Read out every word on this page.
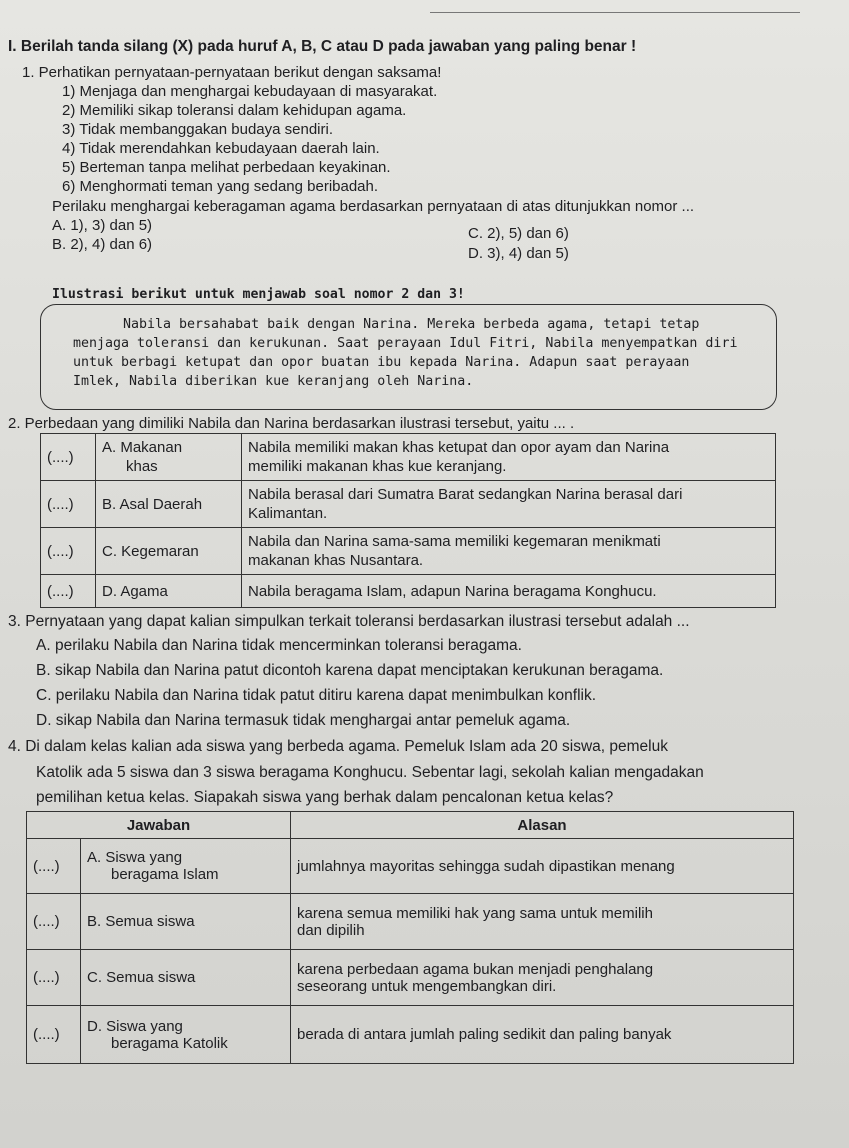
I. Berilah tanda silang (X) pada huruf A, B, C atau D pada jawaban yang paling benar !
1. Perhatikan pernyataan-pernyataan berikut dengan saksama!
1) Menjaga dan menghargai kebudayaan di masyarakat.
2) Memiliki sikap toleransi dalam kehidupan agama.
3) Tidak membanggakan budaya sendiri.
4) Tidak merendahkan kebudayaan daerah lain.
5) Berteman tanpa melihat perbedaan keyakinan.
6) Menghormati teman yang sedang beribadah.
Perilaku menghargai keberagaman agama berdasarkan pernyataan di atas ditunjukkan nomor ...
A. 1), 3) dan 5)
B. 2), 4) dan 6)
C. 2), 5) dan 6)
D. 3), 4) dan 5)
Ilustrasi berikut untuk menjawab soal nomor 2 dan 3!

Nabila bersahabat baik dengan Narina. Mereka berbeda agama, tetapi tetap

menjaga toleransi dan kerukunan. Saat perayaan Idul Fitri, Nabila menyempatkan diri

untuk berbagi ketupat dan opor buatan ibu kepada Narina. Adapun saat perayaan

Imlek, Nabila diberikan kue keranjang oleh Narina.

2. Perbedaan yang dimiliki Nabila dan Narina berdasarkan ilustrasi tersebut, yaitu ... .
(....)	A. Makanan
khas	Nabila memiliki makan khas ketupat dan opor ayam dan Narina
memiliki makanan khas kue keranjang.
(....)	B. Asal Daerah	Nabila berasal dari Sumatra Barat sedangkan Narina berasal dari
Kalimantan.
(....)	C. Kegemaran	Nabila dan Narina sama-sama memiliki kegemaran menikmati
makanan khas Nusantara.
(....)	D. Agama	Nabila beragama Islam, adapun Narina beragama Konghucu.
3. Pernyataan yang dapat kalian simpulkan terkait toleransi berdasarkan ilustrasi tersebut adalah ...
A. perilaku Nabila dan Narina tidak mencerminkan toleransi beragama.
B. sikap Nabila dan Narina patut dicontoh karena dapat menciptakan kerukunan beragama.
C. perilaku Nabila dan Narina tidak patut ditiru karena dapat menimbulkan konflik.
D. sikap Nabila dan Narina termasuk tidak menghargai antar pemeluk agama.
4. Di dalam kelas kalian ada siswa yang berbeda agama. Pemeluk Islam ada 20 siswa, pemeluk
Katolik ada 5 siswa dan 3 siswa beragama Konghucu. Sebentar lagi, sekolah kalian mengadakan
pemilihan ketua kelas. Siapakah siswa yang berhak dalam pencalonan ketua kelas?
Jawaban		Alasan
(....)	A. Siswa yang
beragama Islam	jumlahnya mayoritas sehingga sudah dipastikan menang
(....)	B. Semua siswa	karena semua memiliki hak yang sama untuk memilih
dan dipilih
(....)	C. Semua siswa	karena perbedaan agama bukan menjadi penghalang
seseorang untuk mengembangkan diri.
(....)	D. Siswa yang
beragama Katolik	berada di antara jumlah paling sedikit dan paling banyak
